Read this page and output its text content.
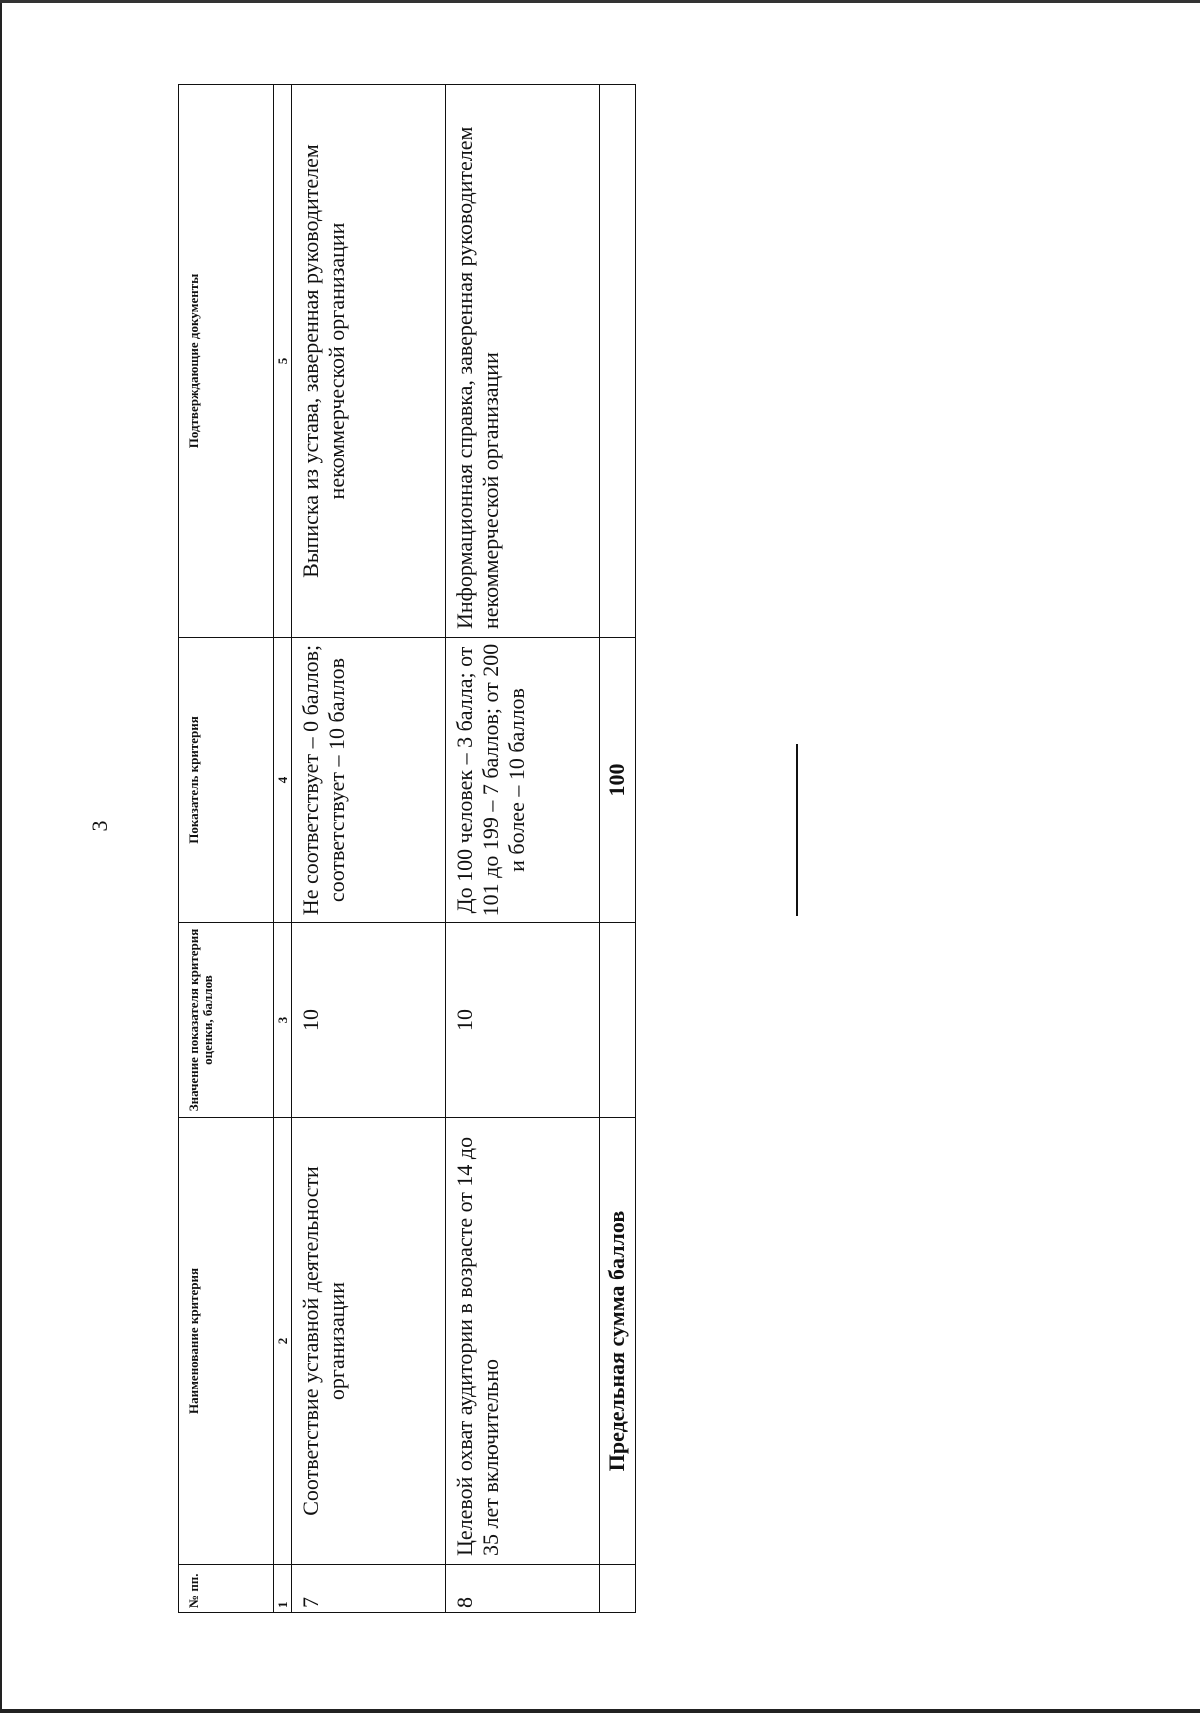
3
№ пп.	Наименование критерия	Значение показателя критерия оценки, баллов	Показатель критерия	Подтверждающие документы
1	2	3	4	5
7	Соответствие уставной деятельности организации	10	Не соответствует – 0 баллов; соответствует – 10 баллов	Выписка из устава, заверенная руководителем некоммерческой организации
8	Целевой охват аудитории в возрасте от 14 до 35 лет включительно	10	До 100 человек – 3 балла; от 101 до 199 – 7 баллов; от 200 и более – 10 баллов	Информационная справка, заверенная руководителем некоммерческой организации
	Предельная сумма баллов		100	
